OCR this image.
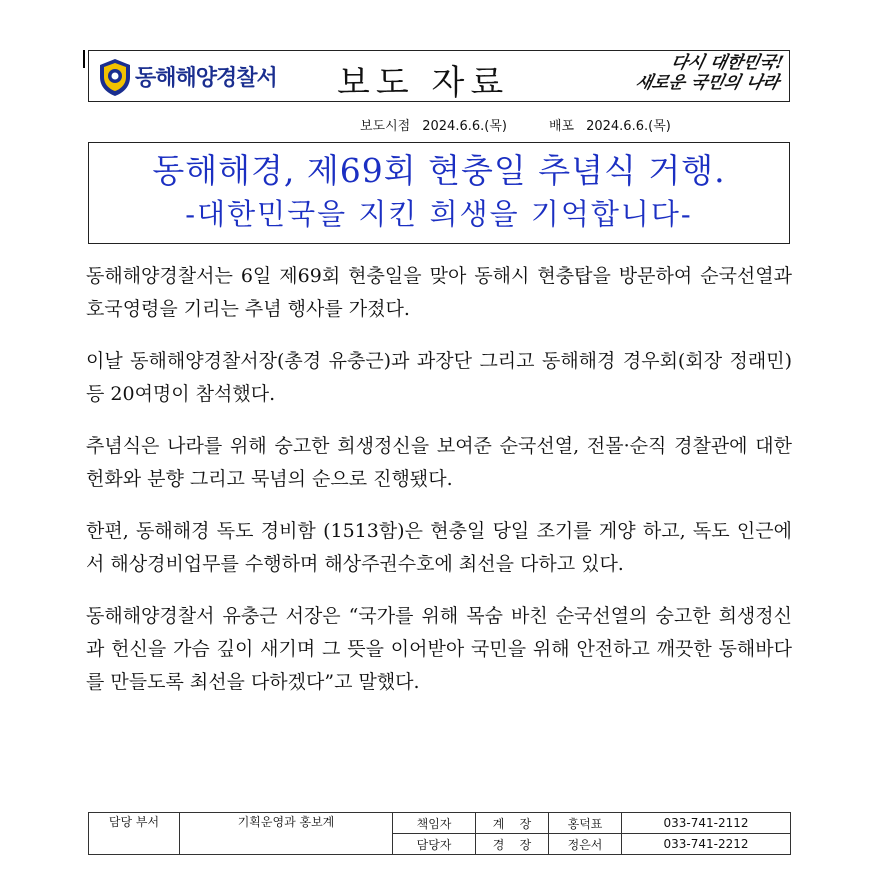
동해해양경찰서 보도 자료	다시 대한민국!
새로운 국민의 나라
보도시점 2024.6.6.(목)	배포 2024.6.6.(목)
동해해경, 제69회 현충일 추념식 거행.
-대한민국을 지킨 희생을 기억합니다-

동해해양경찰서는 6일 제69회 현충일을 맞아 동해시 현충탑을 방문하여 순국선열과 호국영령을 기리는 추념 행사를 가졌다.

이날 동해해양경찰서장(총경 유충근)과 과장단 그리고 동해해경 경우회(회장 정래민)등 20여명이 참석했다.

추념식은 나라를 위해 숭고한 희생정신을 보여준 순국선열, 전몰·순직 경찰관에 대한 헌화와 분향 그리고 묵념의 순으로 진행됐다.

한편, 동해해경 독도 경비함 (1513함)은 현충일 당일 조기를 게양 하고, 독도 인근에서 해상경비업무를 수행하며 해상주권수호에 최선을 다하고 있다.

동해해양경찰서 유충근 서장은 “국가를 위해 목숨 바친 순국선열의 숭고한 희생정신과 헌신을 가슴 깊이 새기며 그 뜻을 이어받아 국민을 위해 안전하고 깨끗한 동해바다를 만들도록 최선을 다하겠다”고 말했다.

담당 부서	기획운영과 홍보계	책임자	계    장	홍덕표	033-741-2112
		담당자	경    장	정은서	033-741-2212
